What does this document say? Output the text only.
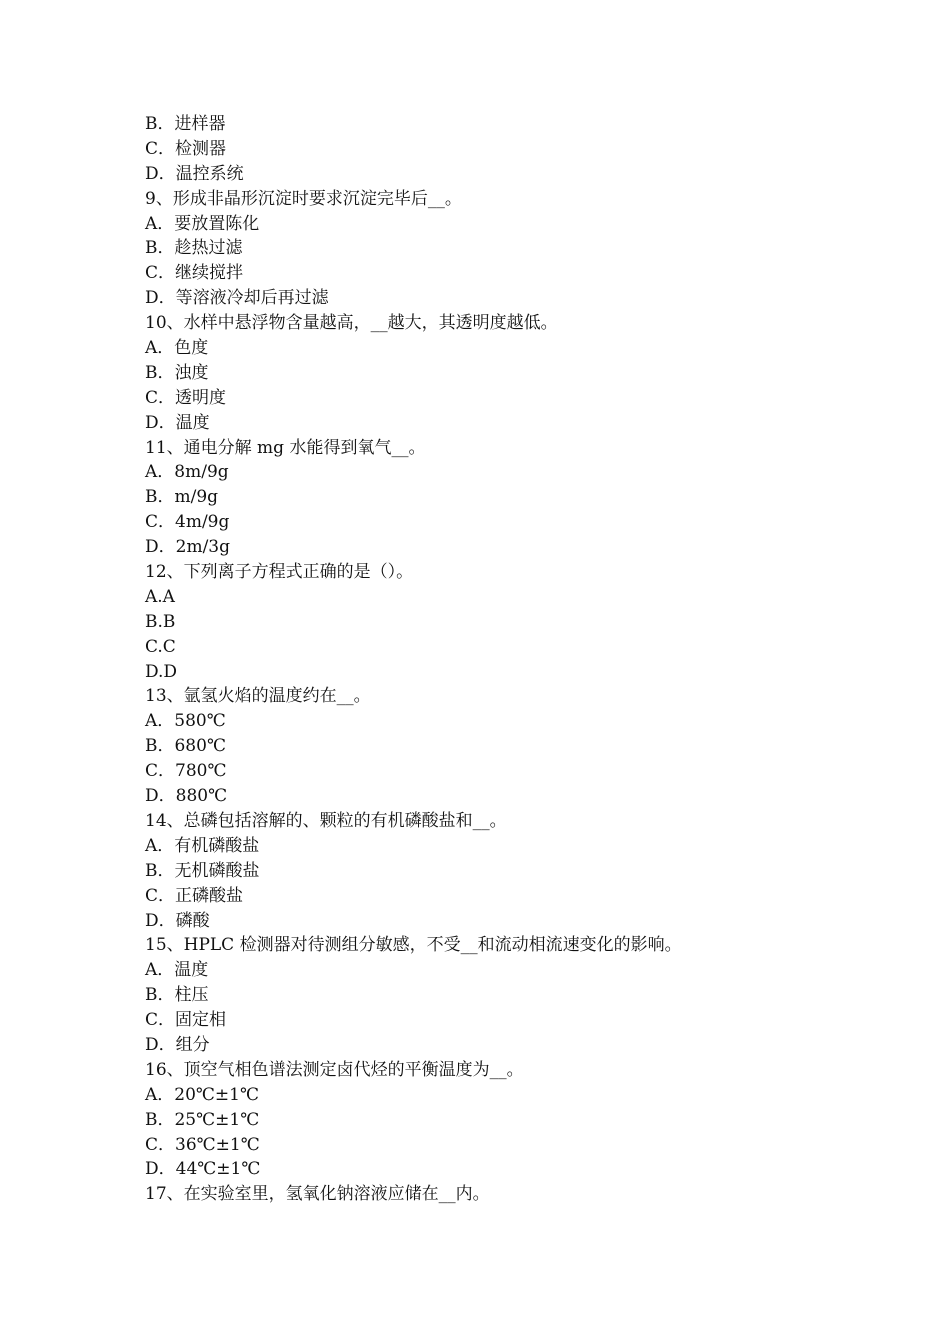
B．进样器
C．检测器
D．温控系统
9、形成非晶形沉淀时要求沉淀完毕后__。
A．要放置陈化
B．趁热过滤
C．继续搅拌
D．等溶液冷却后再过滤
10、水样中悬浮物含量越高，__越大，其透明度越低。
A．色度
B．浊度
C．透明度
D．温度
11、通电分解 mg 水能得到氧气__。
A．8m/9g
B．m/9g
C．4m/9g
D．2m/3g
12、下列离子方程式正确的是（）。
A.A
B.B
C.C
D.D
13、氩氢火焰的温度约在__。
A．580℃
B．680℃
C．780℃
D．880℃
14、总磷包括溶解的、颗粒的有机磷酸盐和__。
A．有机磷酸盐
B．无机磷酸盐
C．正磷酸盐
D．磷酸
15、HPLC 检测器对待测组分敏感，不受__和流动相流速变化的影响。
A．温度
B．柱压
C．固定相
D．组分
16、顶空气相色谱法测定卤代烃的平衡温度为__。
A．20℃±1℃
B．25℃±1℃
C．36℃±1℃
D．44℃±1℃
17、在实验室里，氢氧化钠溶液应储在__内。
